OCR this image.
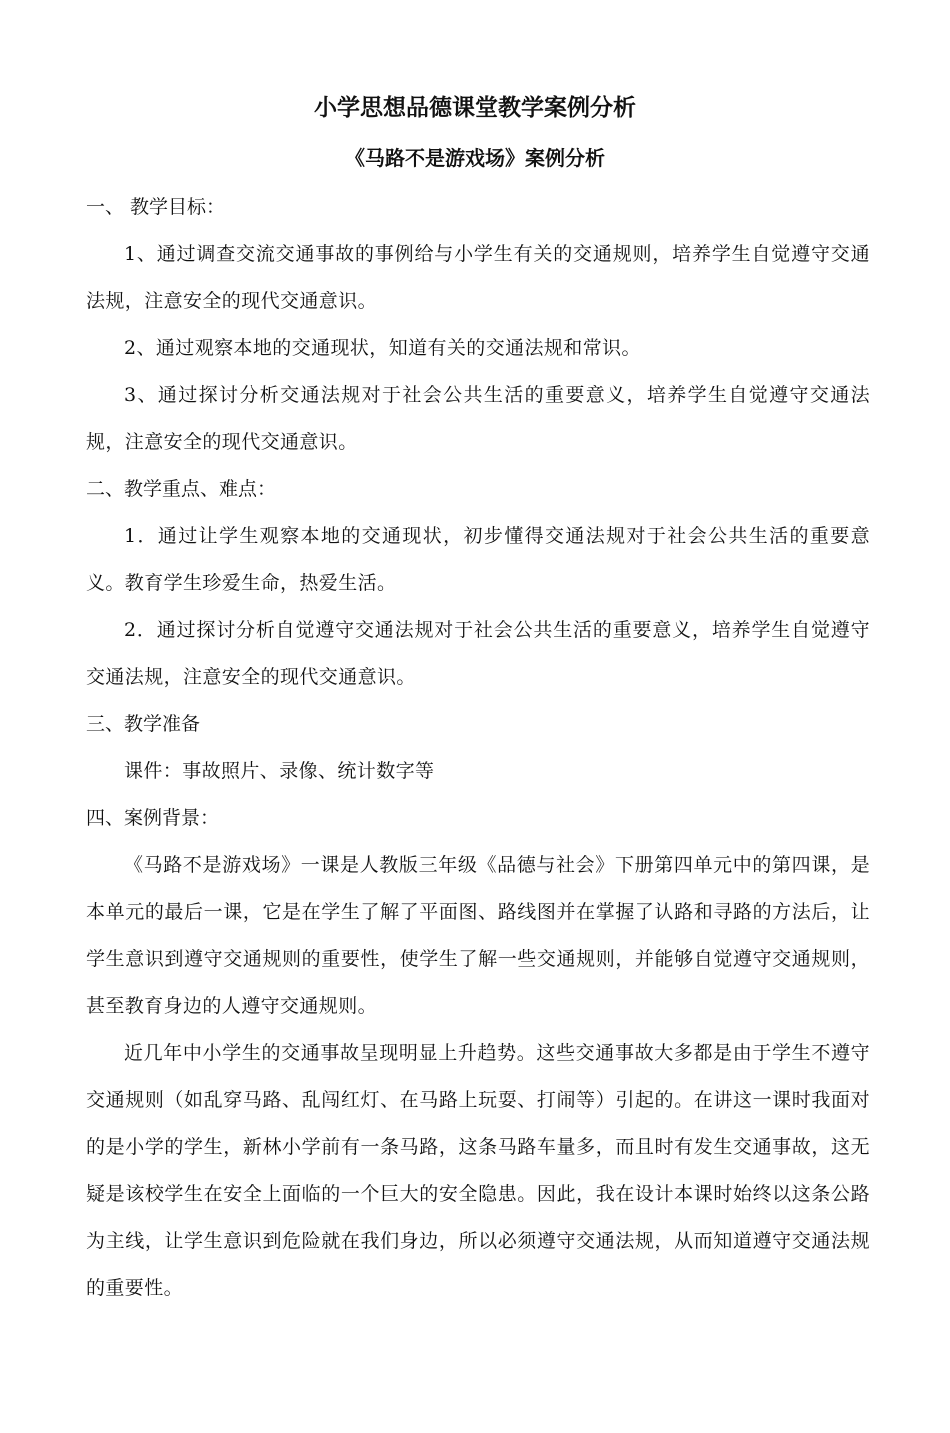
小学思想品德课堂教学案例分析
《马路不是游戏场》案例分析

一、 教学目标：

1、通过调查交流交通事故的事例给与小学生有关的交通规则，培养学生自觉遵守交通法规，注意安全的现代交通意识。

2、通过观察本地的交通现状，知道有关的交通法规和常识。

3、通过探讨分析交通法规对于社会公共生活的重要意义，培养学生自觉遵守交通法规，注意安全的现代交通意识。

二、教学重点、难点：

1．通过让学生观察本地的交通现状，初步懂得交通法规对于社会公共生活的重要意义。教育学生珍爱生命，热爱生活。

2．通过探讨分析自觉遵守交通法规对于社会公共生活的重要意义，培养学生自觉遵守交通法规，注意安全的现代交通意识。

三、教学准备

课件：事故照片、录像、统计数字等

四、案例背景：

《马路不是游戏场》一课是人教版三年级《品德与社会》下册第四单元中的第四课，是本单元的最后一课，它是在学生了解了平面图、路线图并在掌握了认路和寻路的方法后，让学生意识到遵守交通规则的重要性，使学生了解一些交通规则，并能够自觉遵守交通规则，甚至教育身边的人遵守交通规则。

近几年中小学生的交通事故呈现明显上升趋势。这些交通事故大多都是由于学生不遵守交通规则（如乱穿马路、乱闯红灯、在马路上玩耍、打闹等）引起的。在讲这一课时我面对的是小学的学生，新林小学前有一条马路，这条马路车量多，而且时有发生交通事故，这无疑是该校学生在安全上面临的一个巨大的安全隐患。因此，我在设计本课时始终以这条公路为主线，让学生意识到危险就在我们身边，所以必须遵守交通法规，从而知道遵守交通法规的重要性。
